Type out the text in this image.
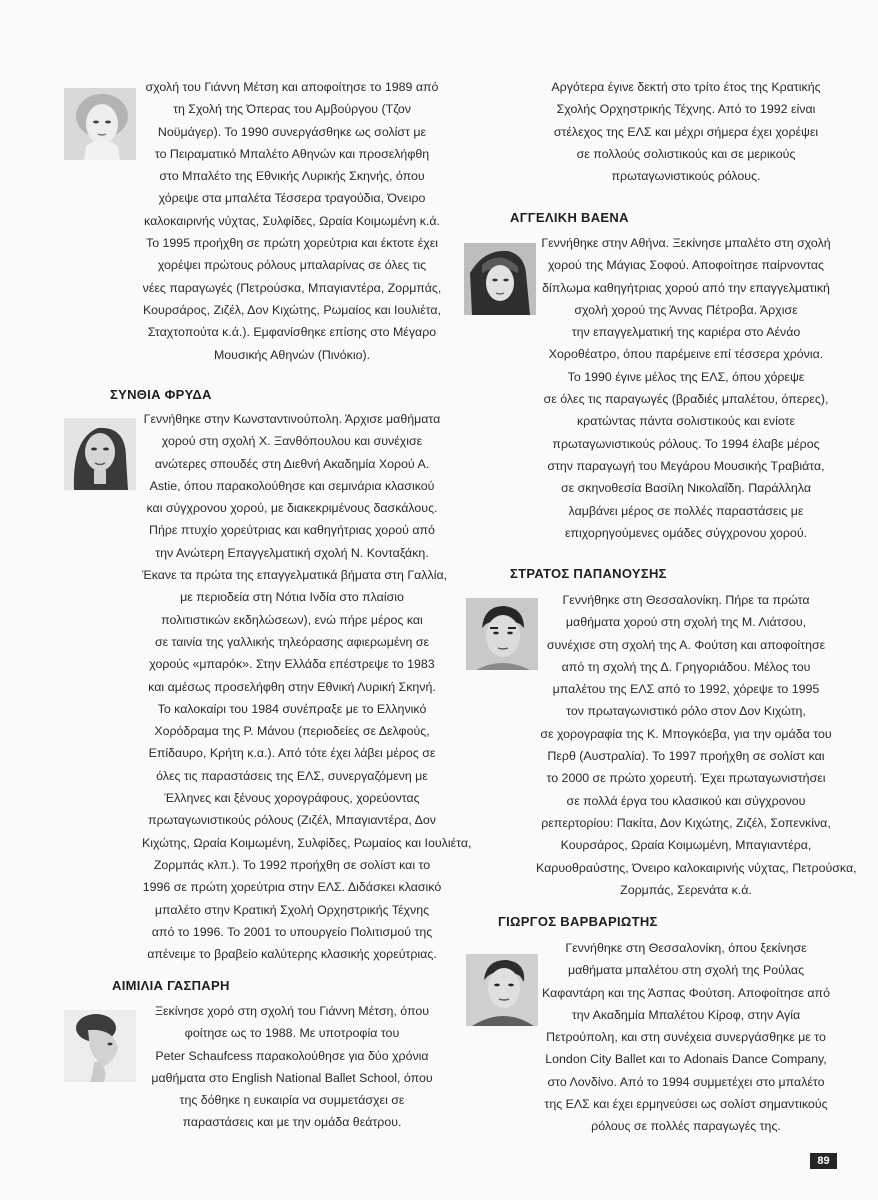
σχολή του Γιάννη Μέτση και αποφοίτησε το 1989 από
τη Σχολή της Όπερας του Αμβούργου (Τζον
Νοϋμάγερ). Το 1990 συνεργάσθηκε ως σολίστ με
το Πειραματικό Μπαλέτο Αθηνών και προσελήφθη
στο Μπαλέτο της Εθνικής Λυρικής Σκηνής, όπου
χόρεψε στα μπαλέτα Τέσσερα τραγούδια, Όνειρο
καλοκαιρινής νύχτας, Συλφίδες, Ωραία Κοιμωμένη κ.ά.
Το 1995 προήχθη σε πρώτη χορεύτρια και έκτοτε έχει
χορέψει πρώτους ρόλους μπαλαρίνας σε όλες τις
νέες παραγωγές (Πετρούσκα, Μπαγιαντέρα, Ζορμπάς,
Κουρσάρος, Ζιζέλ, Δον Κιχώτης, Ρωμαίος και Ιουλιέτα,
Σταχτοπούτα κ.ά.). Εμφανίσθηκε επίσης στο Μέγαρο
Μουσικής Αθηνών (Πινόκιο).
ΣΥΝΘΙΑ ΦΡΥΔΑ
Γεννήθηκε στην Κωνσταντινούπολη. Άρχισε μαθήματα
χορού στη σχολή Χ. Ξανθόπουλου και συνέχισε
ανώτερες σπουδές στη Διεθνή Ακαδημία Χορού Α.
Astie, όπου παρακολούθησε και σεμινάρια κλασικού
και σύγχρονου χορού, με διακεκριμένους δασκάλους.
Πήρε πτυχίο χορεύτριας και καθηγήτριας χορού από
την Ανώτερη Επαγγελματική σχολή Ν. Κονταξάκη.
Έκανε τα πρώτα της επαγγελματικά βήματα στη Γαλλία,
με περιοδεία στη Νότια Ινδία στο πλαίσιο
πολιτιστικών εκδηλώσεων), ενώ πήρε μέρος και
σε ταινία της γαλλικής τηλεόρασης αφιερωμένη σε
χορούς «μπαρόκ». Στην Ελλάδα επέστρεψε το 1983
και αμέσως προσελήφθη στην Εθνική Λυρική Σκηνή.
Το καλοκαίρι του 1984 συνέπραξε με το Ελληνικό
Χορόδραμα της Ρ. Μάνου (περιοδείες σε Δελφούς,
Επίδαυρο, Κρήτη κ.α.). Από τότε έχει λάβει μέρος σε
όλες τις παραστάσεις της ΕΛΣ, συνεργαζόμενη με
Έλληνες και ξένους χορογράφους, χορεύοντας
πρωταγωνιστικούς ρόλους (Ζιζέλ, Μπαγιαντέρα, Δον
Κιχώτης, Ωραία Κοιμωμένη, Συλφίδες, Ρωμαίος και Ιουλιέτα,
Ζορμπάς κλπ.). Το 1992 προήχθη σε σολίστ και το
1996 σε πρώτη χορεύτρια στην ΕΛΣ. Διδάσκει κλασικό
μπαλέτο στην Κρατική Σχολή Ορχηστρικής Τέχνης
από το 1996. Το 2001 το υπουργείο Πολιτισμού της
απένειμε το βραβείο καλύτερης κλασικής χορεύτριας.
ΑΙΜΙΛΙΑ ΓΑΣΠΑΡΗ
Ξεκίνησε χορό στη σχολή του Γιάννη Μέτση, όπου
φοίτησε ως το 1988. Με υποτροφία του
Peter Schaufcess παρακολούθησε για δύο χρόνια
μαθήματα στο English National Ballet School, όπου
της δόθηκε η ευκαιρία να συμμετάσχει σε
παραστάσεις και με την ομάδα θεάτρου.
Αργότερα έγινε δεκτή στο τρίτο έτος της Κρατικής
Σχολής Ορχηστρικής Τέχνης. Από το 1992 είναι
στέλεχος της ΕΛΣ και μέχρι σήμερα έχει χορέψει
σε πολλούς σολιστικούς και σε μερικούς
πρωταγωνιστικούς ρόλους.
ΑΓΓΕΛΙΚΗ ΒΑΕΝΑ
Γεννήθηκε στην Αθήνα. Ξεκίνησε μπαλέτο στη σχολή
χορού της Μάγιας Σοφού. Αποφοίτησε παίρνοντας
δίπλωμα καθηγήτριας χορού από την επαγγελματική
σχολή χορού της Άννας Πέτροβα. Άρχισε
την επαγγελματική της καριέρα στο Αένάο
Χοροθέατρο, όπου παρέμεινε επί τέσσερα χρόνια.
Το 1990 έγινε μέλος της ΕΛΣ, όπου χόρεψε
σε όλες τις παραγωγές (βραδιές μπαλέτου, όπερες),
κρατώντας πάντα σολιστικούς και ενίοτε
πρωταγωνιστικούς ρόλους. Το 1994 έλαβε μέρος
στην παραγωγή του Μεγάρου Μουσικής Τραβιάτα,
σε σκηνοθεσία Βασίλη Νικολαΐδη. Παράλληλα
λαμβάνει μέρος σε πολλές παραστάσεις με
επιχορηγούμενες ομάδες σύγχρονου χορού.
ΣΤΡΑΤΟΣ ΠΑΠΑΝΟΥΣΗΣ
Γεννήθηκε στη Θεσσαλονίκη. Πήρε τα πρώτα
μαθήματα χορού στη σχολή της Μ. Λιάτσου,
συνέχισε στη σχολή της Α. Φούτση και αποφοίτησε
από τη σχολή της Δ. Γρηγοριάδου. Μέλος του
μπαλέτου της ΕΛΣ από το 1992, χόρεψε το 1995
τον πρωταγωνιστικό ρόλο στον Δον Κιχώτη,
σε χορογραφία της Κ. Μπογκόεβα, για την ομάδα του
Περθ (Αυστραλία). Το 1997 προήχθη σε σολίστ και
το 2000 σε πρώτο χορευτή. Έχει πρωταγωνιστήσει
σε πολλά έργα του κλασικού και σύγχρονου
ρεπερτορίου: Πακίτα, Δον Κιχώτης, Ζιζέλ, Σοπενκίνα,
Κουρσάρος, Ωραία Κοιμωμένη, Μπαγιαντέρα,
Καρυοθραύστης, Όνειρο καλοκαιρινής νύχτας, Πετρούσκα,
Ζορμπάς, Σερενάτα κ.ά.
ΓΙΩΡΓΟΣ ΒΑΡΒΑΡΙΩΤΗΣ
Γεννήθηκε στη Θεσσαλονίκη, όπου ξεκίνησε
μαθήματα μπαλέτου στη σχολή της Ρούλας
Καφαντάρη και της Άσπας Φούτση. Αποφοίτησε από
την Ακαδημία Μπαλέτου Κίροφ, στην Αγία
Πετρούπολη, και στη συνέχεια συνεργάσθηκε με το
London City Ballet και το Adonais Dance Company,
στο Λονδίνο. Από το 1994 συμμετέχει στο μπαλέτο
της ΕΛΣ και έχει ερμηνεύσει ως σολίστ σημαντικούς
ρόλους σε πολλές παραγωγές της.
89
